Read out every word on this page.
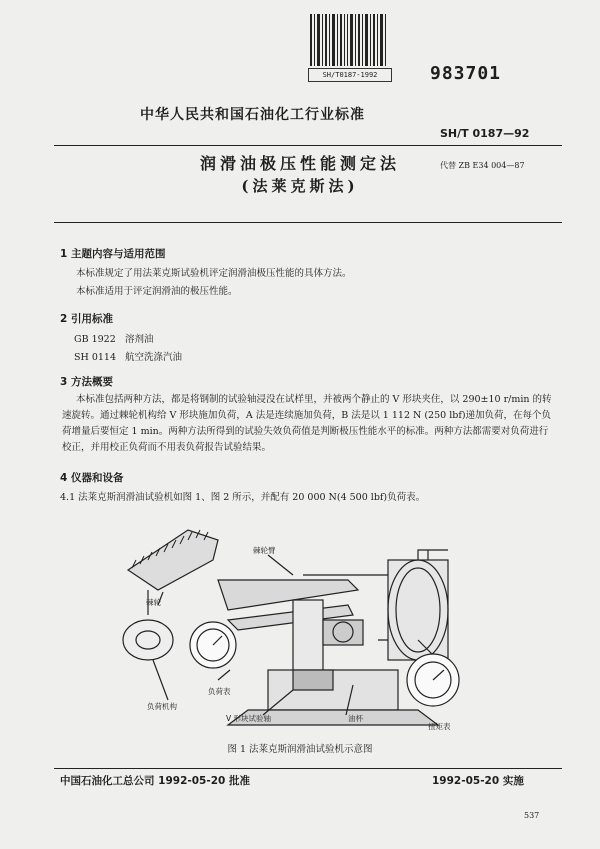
SH/T0187-1992	983701
中华人民共和国石油化工行业标准
SH/T 0187—92
润滑油极压性能测定法
(法莱克斯法)
代替 ZB E34 004—87
1 主题内容与适用范围
本标准规定了用法莱克斯试验机评定润滑油极压性能的具体方法。
本标准适用于评定润滑油的极压性能。
2 引用标准
GB 1922 溶剂油
SH 0114 航空洗涤汽油
3 方法概要
本标准包括两种方法，都是将钢制的试验轴浸没在试样里，并被两个静止的 V 形块夹住，以 290±10 r/min 的转速旋转。通过棘轮机构给 V 形块施加负荷，A 法是连续施加负荷，B 法是以 1 112 N (250 lbf)递加负荷，在每个负荷增量后要恒定 1 min。两种方法所得到的试验失效负荷值是判断极压性能水平的标准。两种方法都需要对负荷进行校正，并用校正负荷而不用表负荷报告试验结果。
4 仪器和设备
4.1 法莱克斯润滑油试验机如图 1、图 2 所示，并配有 20 000 N(4 500 lbf)负荷表。
棘轮臂
棘轮
负荷表
负荷机构
V 形块试验轴	油杯
扭矩表
图 1 法莱克斯润滑油试验机示意图
中国石油化工总公司 1992-05-20 批准	1992-05-20 实施
537
